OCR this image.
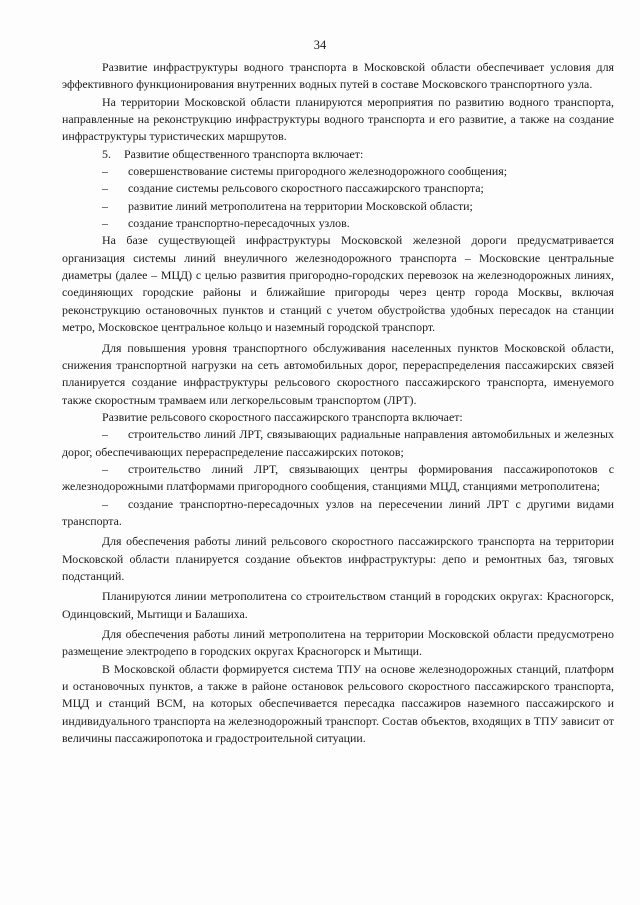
34

Развитие инфраструктуры водного транспорта в Московской области обеспечивает условия для эффективного функционирования внутренних водных путей в составе Московского транспортного узла.

На территории Московской области планируются мероприятия по развитию водного транспорта, направленные на реконструкцию инфраструктуры водного транспорта и его развитие, а также на создание инфраструктуры туристических маршрутов.

5. Развитие общественного транспорта включает:

– совершенствование системы пригородного железнодорожного сообщения;

– создание системы рельсового скоростного пассажирского транспорта;

– развитие линий метрополитена на территории Московской области;

– создание транспортно-пересадочных узлов.

На базе существующей инфраструктуры Московской железной дороги предусматривается организация системы линий внеуличного железнодорожного транспорта – Московские центральные диаметры (далее – МЦД) с целью развития пригородно-городских перевозок на железнодорожных линиях, соединяющих городские районы и ближайшие пригороды через центр города Москвы, включая реконструкцию остановочных пунктов и станций с учетом обустройства удобных пересадок на станции метро, Московское центральное кольцо и наземный городской транспорт.

Для повышения уровня транспортного обслуживания населенных пунктов Московской области, снижения транспортной нагрузки на сеть автомобильных дорог, перераспределения пассажирских связей планируется создание инфраструктуры рельсового скоростного пассажирского транспорта, именуемого также скоростным трамваем или легкорельсовым транспортом (ЛРТ).

Развитие рельсового скоростного пассажирского транспорта включает:

– строительство линий ЛРТ, связывающих радиальные направления автомобильных и железных дорог, обеспечивающих перераспределение пассажирских потоков;

– строительство линий ЛРТ, связывающих центры формирования пассажиропотоков с железнодорожными платформами пригородного сообщения, станциями МЦД, станциями метрополитена;

– создание транспортно-пересадочных узлов на пересечении линий ЛРТ с другими видами транспорта.

Для обеспечения работы линий рельсового скоростного пассажирского транспорта на территории Московской области планируется создание объектов инфраструктуры: депо и ремонтных баз, тяговых подстанций.

Планируются линии метрополитена со строительством станций в городских округах: Красногорск, Одинцовский, Мытищи и Балашиха.

Для обеспечения работы линий метрополитена на территории Московской области предусмотрено размещение электродепо в городских округах Красногорск и Мытищи.

В Московской области формируется система ТПУ на основе железнодорожных станций, платформ и остановочных пунктов, а также в районе остановок рельсового скоростного пассажирского транспорта, МЦД и станций ВСМ, на которых обеспечивается пересадка пассажиров наземного пассажирского и индивидуального транспорта на железнодорожный транспорт. Состав объектов, входящих в ТПУ зависит от величины пассажиропотока и градостроительной ситуации.
